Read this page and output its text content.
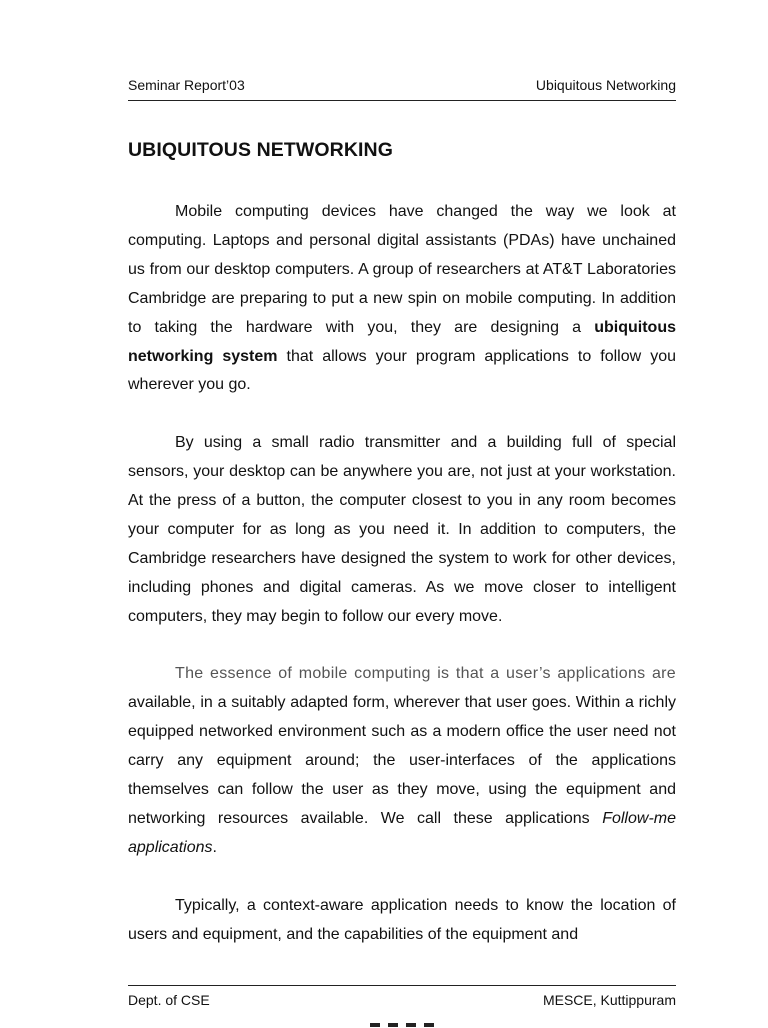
Seminar Report’03	Ubiquitous Networking
UBIQUITOUS NETWORKING

Mobile computing devices have changed the way we look at computing. Laptops and personal digital assistants (PDAs) have unchained us from our desktop computers. A group of researchers at AT&T Laboratories Cambridge are preparing to put a new spin on mobile computing. In addition to taking the hardware with you, they are designing a ubiquitous networking system that allows your program applications to follow you wherever you go.

By using a small radio transmitter and a building full of special sensors, your desktop can be anywhere you are, not just at your workstation. At the press of a button, the computer closest to you in any room becomes your computer for as long as you need it. In addition to computers, the Cambridge researchers have designed the system to work for other devices, including phones and digital cameras. As we move closer to intelligent computers, they may begin to follow our every move.

The essence of mobile computing is that a user’s applications are available, in a suitably adapted form, wherever that user goes. Within a richly equipped networked environment such as a modern office the user need not carry any equipment around; the user-interfaces of the applications themselves can follow the user as they move, using the equipment and networking resources available. We call these applications Follow-me applications.

Typically, a context-aware application needs to know the location of users and equipment, and the capabilities of the equipment and

Dept. of CSE	MESCE, Kuttippuram
